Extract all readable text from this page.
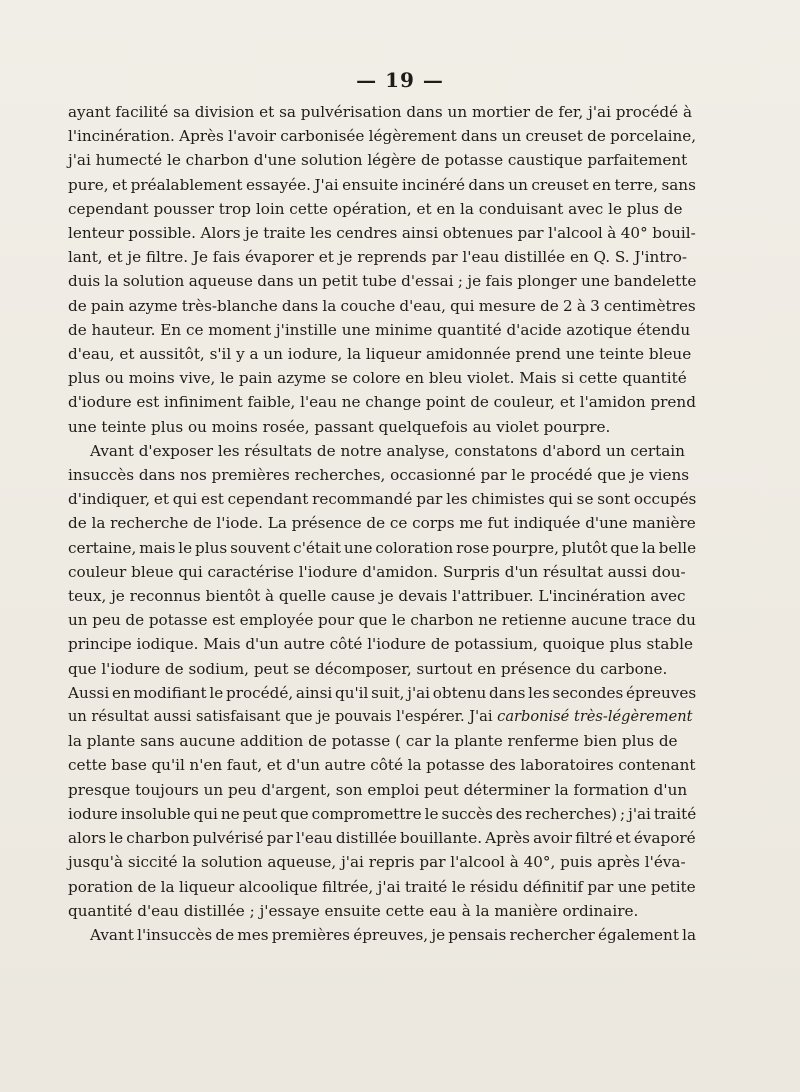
— 19 —
ayant facilité sa division et sa pulvérisation dans un mortier de fer, j'ai procédé à
l'incinération. Après l'avoir carbonisée légèrement dans un creuset de porcelaine,
j'ai humecté le charbon d'une solution légère de potasse caustique parfaitement
pure, et préalablement essayée. J'ai ensuite incinéré dans un creuset en terre, sans
cependant pousser trop loin cette opération, et en la conduisant avec le plus de
lenteur possible. Alors je traite les cendres ainsi obtenues par l'alcool à 40° bouil-
lant, et je filtre. Je fais évaporer et je reprends par l'eau distillée en Q. S. J'intro-
duis la solution aqueuse dans un petit tube d'essai ; je fais plonger une bandelette
de pain azyme très-blanche dans la couche d'eau, qui mesure de 2 à 3 centimètres
de hauteur. En ce moment j'instille une minime quantité d'acide azotique étendu
d'eau, et aussitôt, s'il y a un iodure, la liqueur amidonnée prend une teinte bleue
plus ou moins vive, le pain azyme se colore en bleu violet. Mais si cette quantité
d'iodure est infiniment faible, l'eau ne change point de couleur, et l'amidon prend
une teinte plus ou moins rosée, passant quelquefois au violet pourpre.
Avant d'exposer les résultats de notre analyse, constatons d'abord un certain
insuccès dans nos premières recherches, occasionné par le procédé que je viens
d'indiquer, et qui est cependant recommandé par les chimistes qui se sont occupés
de la recherche de l'iode. La présence de ce corps me fut indiquée d'une manière
certaine, mais le plus souvent c'était une coloration rose pourpre, plutôt que la belle
couleur bleue qui caractérise l'iodure d'amidon. Surpris d'un résultat aussi dou-
teux, je reconnus bientôt à quelle cause je devais l'attribuer. L'incinération avec
un peu de potasse est employée pour que le charbon ne retienne aucune trace du
principe iodique. Mais d'un autre côté l'iodure de potassium, quoique plus stable
que l'iodure de sodium, peut se décomposer, surtout en présence du carbone.
Aussi en modifiant le procédé, ainsi qu'il suit, j'ai obtenu dans les secondes épreuves
un résultat aussi satisfaisant que je pouvais l'espérer. J'ai carbonisé très-légèrement
la plante sans aucune addition de potasse ( car la plante renferme bien plus de
cette base qu'il n'en faut, et d'un autre côté la potasse des laboratoires contenant
presque toujours un peu d'argent, son emploi peut déterminer la formation d'un
iodure insoluble qui ne peut que compromettre le succès des recherches) ; j'ai traité
alors le charbon pulvérisé par l'eau distillée bouillante. Après avoir filtré et évaporé
jusqu'à siccité la solution aqueuse, j'ai repris par l'alcool à 40°, puis après l'éva-
poration de la liqueur alcoolique filtrée, j'ai traité le résidu définitif par une petite
quantité d'eau distillée ; j'essaye ensuite cette eau à la manière ordinaire.
Avant l'insuccès de mes premières épreuves, je pensais rechercher également la
